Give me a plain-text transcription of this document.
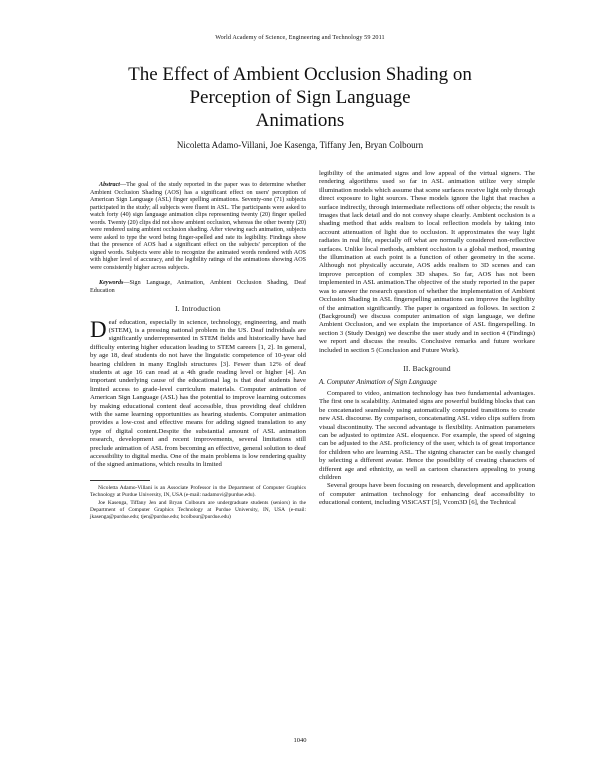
World Academy of Science, Engineering and Technology 59 2011
The Effect of Ambient Occlusion Shading on
Perception of Sign Language
Animations
Nicoletta Adamo-Villani, Joe Kasenga, Tiffany Jen, Bryan Colbourn

Abstract—The goal of the study reported in the paper was to determine whether Ambient Occlusion Shading (AOS) has a significant effect on users' perception of American Sign Language (ASL) finger spelling animations. Seventy-one (71) subjects participated in the study; all subjects were fluent in ASL. The participants were asked to watch forty (40) sign language animation clips representing twenty (20) finger spelled words. Twenty (20) clips did not show ambient occlusion, whereas the other twenty (20) were rendered using ambient occlusion shading. After viewing each animation, subjects were asked to type the word being finger-spelled and rate its legibility. Findings show that the presence of AOS had a significant effect on the subjects' perception of the signed words. Subjects were able to recognize the animated words rendered with AOS with higher level of accuracy, and the legibility ratings of the animations showing AOS were consistently higher across subjects.

Keywords—Sign Language, Animation, Ambient Occlusion Shading, Deaf Education

I. Introduction

Deaf education, especially in science, technology, engineering, and math (STEM), is a pressing national problem in the US. Deaf individuals are significantly underrepresented in STEM fields and historically have had difficulty entering higher education leading to STEM careers [1, 2]. In general, by age 18, deaf students do not have the linguistic competence of 10-year old hearing children in many English structures [3]. Fewer than 12% of deaf students at age 16 can read at a 4th grade reading level or higher [4]. An important underlying cause of the educational lag is that deaf students have limited access to grade-level curriculum materials. Computer animation of American Sign Language (ASL) has the potential to improve learning outcomes by making educational content deaf accessible, thus providing deaf children with the same learning opportunities as hearing students. Computer animation provides a low-cost and effective means for adding signed translation to any type of digital content.Despite the substantial amount of ASL animation research, development and recent improvements, several limitations still preclude animation of ASL from becoming an effective, general solution to deaf accessibility to digital media. One of the main problems is low rendering quality of the signed animations, which results in limited

Nicoletta Adamo-Villani is an Associate Professor in the Department of Computer Graphics Technology at Purdue University, IN, USA (e-mail: nadamovi@purdue.edu).

Joe Kasenga, Tiffany Jen and Bryan Colbourn are undergraduate students (seniors) in the Department of Computer Graphics Technology at Purdue University, IN, USA (e-mail: jkasenga@purdue.edu; tjen@purdue.edu; bcolbour@purdue.edu)

legibility of the animated signs and low appeal of the virtual signers. The rendering algorithms used so far in ASL animation utilize very simple illumination models which assume that scene surfaces receive light only through direct exposure to light sources. These models ignore the light that reaches a surface indirectly, through intermediate reflections off other objects; the result is images that lack detail and do not convey shape clearly. Ambient occlusion is a shading method that adds realism to local reflection models by taking into account attenuation of light due to occlusion. It approximates the way light radiates in real life, especially off what are normally considered non-reflective surfaces. Unlike local methods, ambient occlusion is a global method, meaning the illumination at each point is a function of other geometry in the scene. Although not physically accurate, AOS adds realism to 3D scenes and can improve perception of complex 3D shapes. So far, AOS has not been implemented in ASL animation.The objective of the study reported in the paper was to answer the research question of whether the implementation of Ambient Occlusion Shading in ASL fingerspelling animations can improve the legibility of the animation significantly. The paper is organized as follows. In section 2 (Background) we discuss computer animation of sign language, we define Ambient Occlusion, and we explain the importance of ASL fingerspelling. In section 3 (Study Design) we describe the user study and in section 4 (Findings) we report and discuss the results. Conclusive remarks and future workare included in section 5 (Conclusion and Future Work).

II. Background
A. Computer Animation of Sign Language

Compared to video, animation technology has two fundamental advantages. The first one is scalability. Animated signs are powerful building blocks that can be concatenated seamlessly using automatically computed transitions to create new ASL discourse. By comparison, concatenating ASL video clips suffers from visual discontinuity. The second advantage is flexibility. Animation parameters can be adjusted to optimize ASL eloquence. For example, the speed of signing can be adjusted to the ASL proficiency of the user, which is of great importance for children who are learning ASL. The signing character can be easily changed by selecting a different avatar. Hence the possibility of creating characters of different age and ethnicity, as well as cartoon characters appealing to young children

Several groups have been focusing on research, development and application of computer animation technology for enhancing deaf accessibility to educational content, including ViSiCAST [5], Vcom3D [6], the Technical

1040
